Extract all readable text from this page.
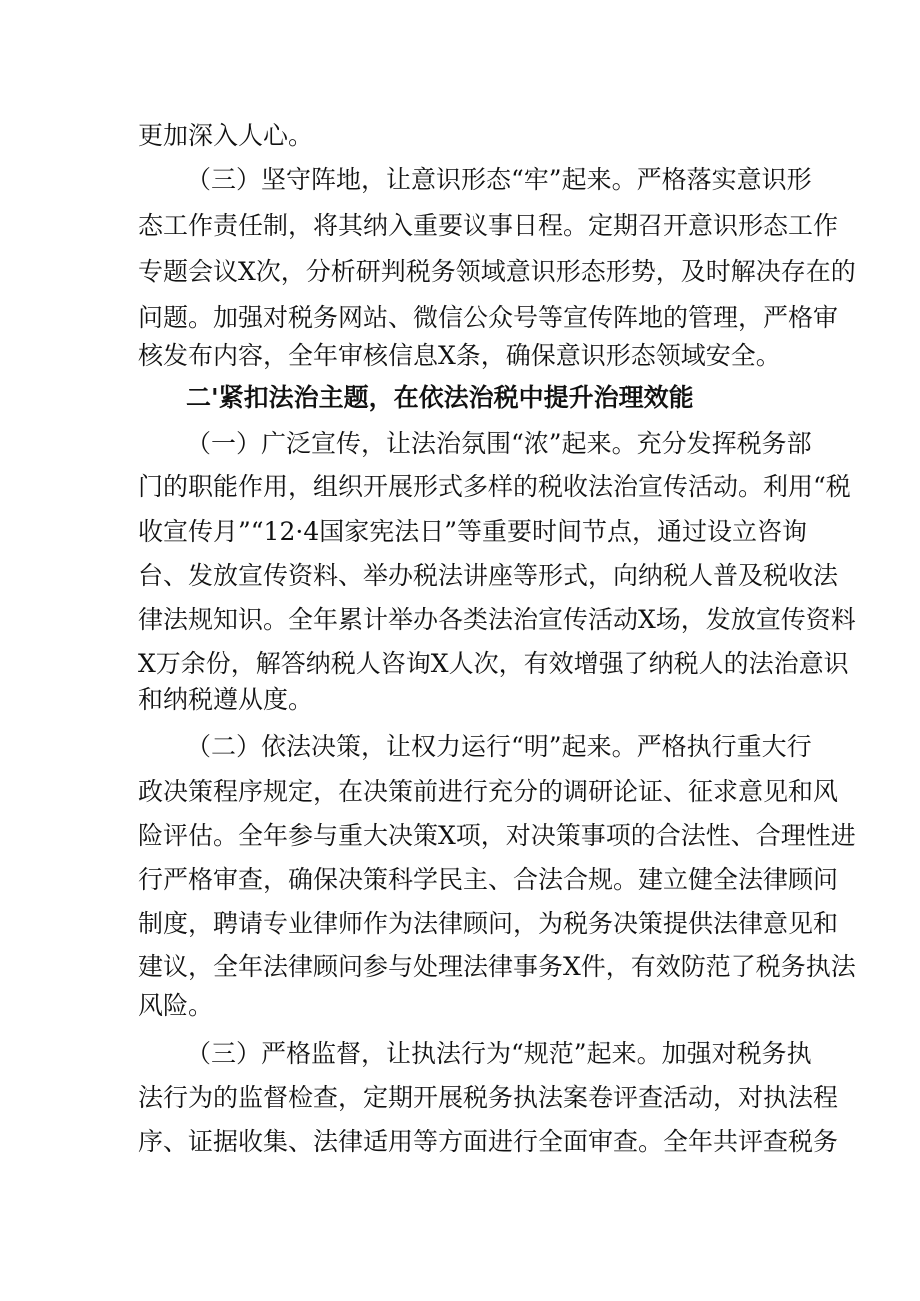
更加深入人心。
（三）坚守阵地，让意识形态“牢”起来。严格落实意识形
态工作责任制，将其纳入重要议事日程。定期召开意识形态工作
专题会议X次，分析研判税务领域意识形态形势，及时解决存在的
问题。加强对税务网站、微信公众号等宣传阵地的管理，严格审
核发布内容，全年审核信息X条，确保意识形态领域安全。
二'紧扣法治主题，在依法治税中提升治理效能
（一）广泛宣传，让法治氛围“浓”起来。充分发挥税务部
门的职能作用，组织开展形式多样的税收法治宣传活动。利用“税
收宣传月”“12·4国家宪法日”等重要时间节点，通过设立咨询
台、发放宣传资料、举办税法讲座等形式，向纳税人普及税收法
律法规知识。全年累计举办各类法治宣传活动X场，发放宣传资料
X万余份，解答纳税人咨询X人次，有效增强了纳税人的法治意识
和纳税遵从度。
（二）依法决策，让权力运行“明”起来。严格执行重大行
政决策程序规定，在决策前进行充分的调研论证、征求意见和风
险评估。全年参与重大决策X项，对决策事项的合法性、合理性进
行严格审查，确保决策科学民主、合法合规。建立健全法律顾问
制度，聘请专业律师作为法律顾问，为税务决策提供法律意见和
建议，全年法律顾问参与处理法律事务X件，有效防范了税务执法
风险。
（三）严格监督，让执法行为“规范”起来。加强对税务执
法行为的监督检查，定期开展税务执法案卷评查活动，对执法程
序、证据收集、法律适用等方面进行全面审查。全年共评查税务
